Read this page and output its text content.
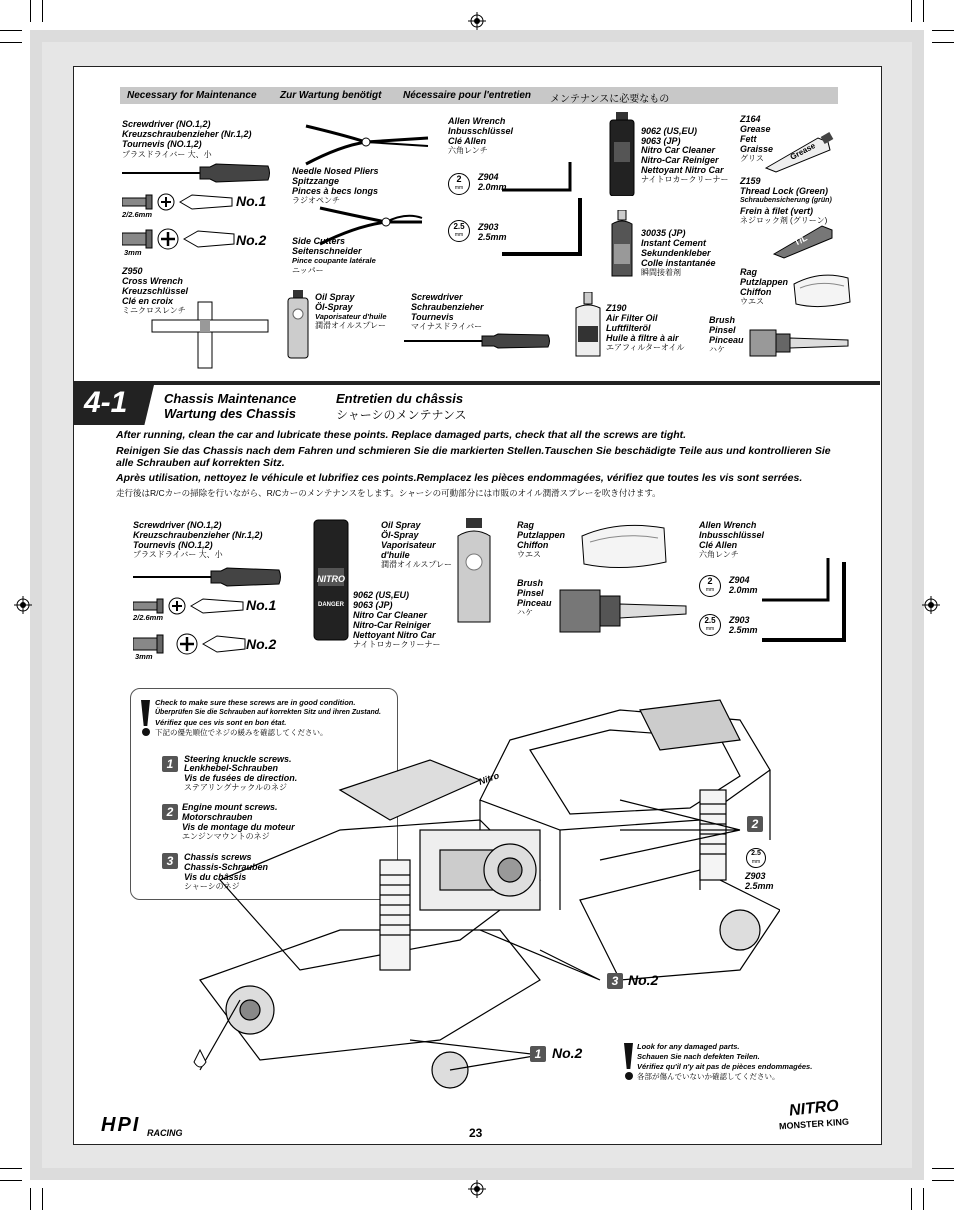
Necessary for Maintenance Zur Wartung benötigt Nécessaire pour l'entretien メンテナンスに必要なもの
Screwdriver (NO.1,2)
Kreuzschraubenzieher (Nr.1,2)
Tournevis (NO.1,2)
プラスドライバー 大、小
No.1
2/2.6mm
No.2
3mm
Z950
Cross Wrench
Kreuzschlüssel
Clé en croix
ミニクロスレンチ
Needle Nosed Pliers
Spitzzange
Pinces à becs longs
ラジオペンチ
Side Cutters
Seitenschneider
Pince coupante latérale
ニッパー
Allen Wrench
Inbusschlüssel
Clé Allen
六角レンチ
2
mm
Z904
2.0mm
2.5
mm
Z903
2.5mm
9062 (US,EU)
9063 (JP)
Nitro Car Cleaner
Nitro-Car Reiniger
Nettoyant Nitro Car
ナイトロカークリーナー
30035 (JP)
Instant Cement
Sekundenkleber
Colle instantanée
瞬間接着剤
Z164
Grease
Fett
Graisse
グリス	Grease
Z159
Thread Lock (Green)
Schraubensicherung (grün)
Frein à filet (vert)
ネジロック剤 (グリーン)
T/L
Rag
Putzlappen
Chiffon
ウエス
Brush
Pinsel
Pinceau
ハケ
Oil Spray
Öl-Spray
Vaporisateur d'huile
潤滑オイルスプレー
Screwdriver
Schraubenzieher
Tournevis
マイナスドライバー
Z190
Air Filter Oil
Luftfilteröl
Huile à filtre à air
エアフィルターオイル
4-1	Chassis Maintenance
Wartung des Chassis
Entretien du châssis
シャーシのメンテナンス
After running, clean the car and lubricate these points. Replace damaged parts, check that all the screws are tight.
Reinigen Sie das Chassis nach dem Fahren und schmieren Sie die markierten Stellen.Tauschen Sie beschädigte Teile aus und kontrollieren Sie alle Schrauben auf korrekten Sitz.
Après utilisation, nettoyez le véhicule et lubrifiez ces points.Remplacez les pièces endommagées, vérifiez que toutes les vis sont serrées.
走行後はR/Cカーの掃除を行いながら、R/Cカーのメンテナンスをします。シャーシの可動部分には市販のオイル潤滑スプレーを吹き付けます。
Screwdriver (NO.1,2)
Kreuzschraubenzieher (Nr.1,2)
Tournevis (NO.1,2)
プラスドライバー 大、小
No.1
2/2.6mm
No.2
3mm
NITRO
DANGER
9062 (US,EU)
9063 (JP)
Nitro Car Cleaner
Nitro-Car Reiniger
Nettoyant Nitro Car
ナイトロカークリーナー
Oil Spray
Öl-Spray
Vaporisateur
d'huile
潤滑オイルスプレー
Rag
Putzlappen
Chiffon
ウエス
Brush
Pinsel
Pinceau
ハケ
Allen Wrench
Inbusschlüssel
Clé Allen
六角レンチ
2
mm
Z904
2.0mm
2.5
mm
Z903
2.5mm
Check to make sure these screws are in good condition.
Überprüfen Sie die Schrauben auf korrekten Sitz und ihren Zustand.
Vérifiez que ces vis sont en bon état.
下記の優先順位でネジの緩みを確認してください。
1	Steering knuckle screws.
Lenkhebel-Schrauben
Vis de fusées de direction.
ステアリングナックルのネジ
2 Engine mount screws.
Motorschrauben
Vis de montage du moteur
エンジンマウントのネジ
3	Chassis screws
Chassis-Schrauben
Vis du châssis
シャーシのネジ
Nitro
2
2.5
mm
Z903
2.5mm
3 No.2
1 No.2	Look for any damaged parts.
Schauen Sie nach defekten Teilen.
Vérifiez qu'il n'y ait pas de pièces endommagées.
各部が傷んでいないか確認してください。
HPI RACING	23
NITRO
MONSTER KING
